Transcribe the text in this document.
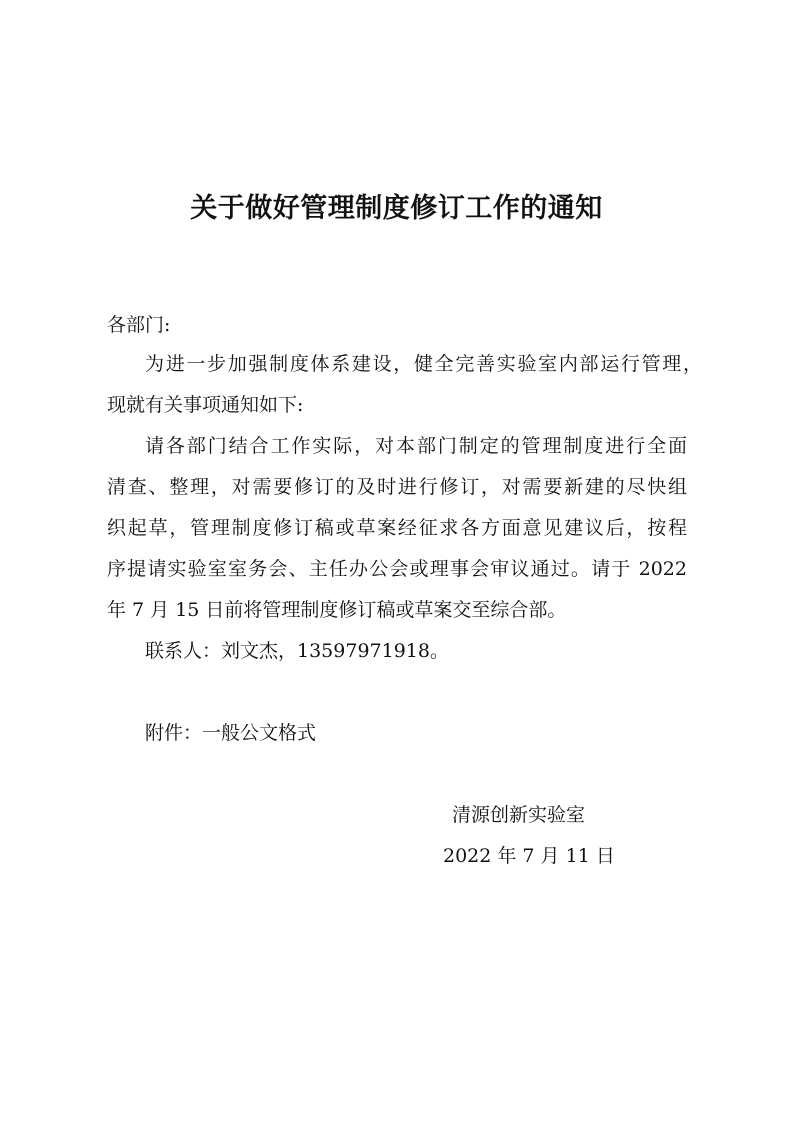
关于做好管理制度修订工作的通知
各部门:
为进一步加强制度体系建设，健全完善实验室内部运行管理，
现就有关事项通知如下:
请各部门结合工作实际，对本部门制定的管理制度进行全面
清查、整理，对需要修订的及时进行修订，对需要新建的尽快组
织起草，管理制度修订稿或草案经征求各方面意见建议后，按程
序提请实验室室务会、主任办公会或理事会审议通过。请于 2022
年 7 月 15 日前将管理制度修订稿或草案交至综合部。
联系人：刘文杰，13597971918。
附件：一般公文格式
清源创新实验室
2022 年 7 月 11 日
